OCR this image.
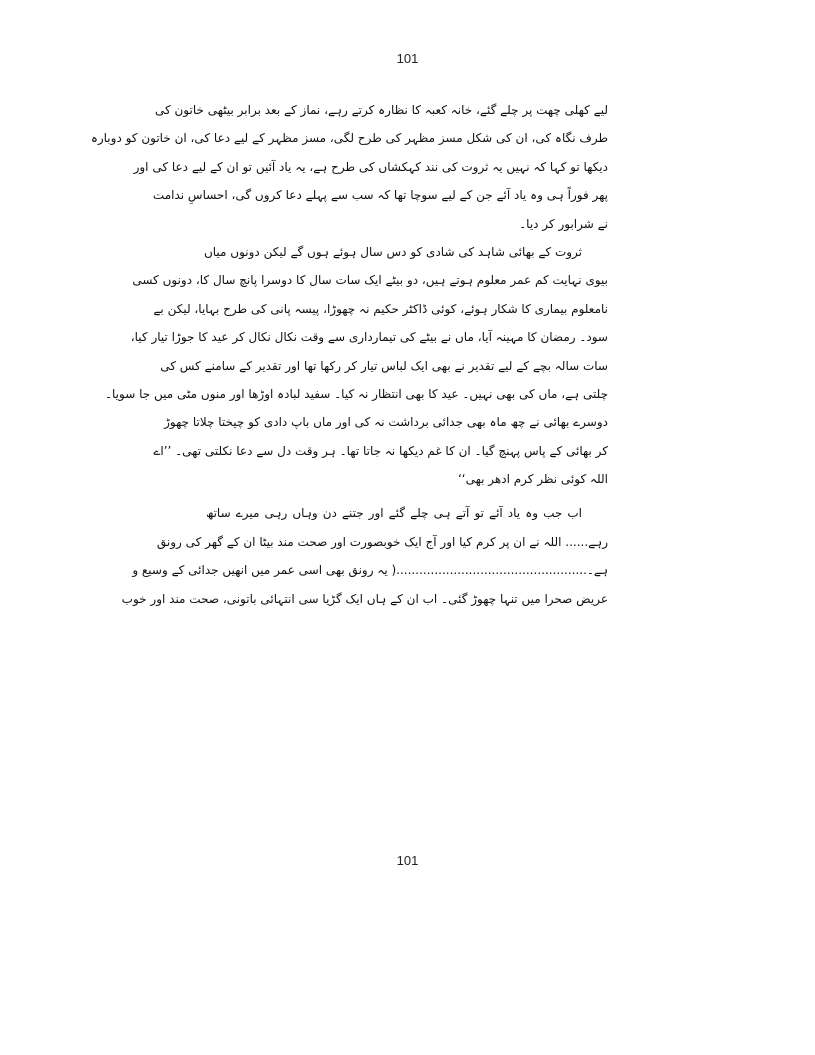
101
لیے کھلی چھت پر چلے گئے، خانہ کعبہ کا نظارہ کرتے رہے، نماز کے بعد برابر بیٹھی خاتون کی
طرف نگاہ کی، ان کی شکل مسز مظہر کی طرح لگی، مسز مظہر کے لیے دعا کی، ان خاتون کو دوبارہ
دیکھا تو کہا کہ نہیں یہ ثروت کی نند کہکشاں کی طرح ہے، یہ یاد آئیں تو ان کے لیے دعا کی اور
پھر فوراً ہی وہ یاد آئے جن کے لیے سوچا تھا کہ سب سے پہلے دعا کروں گی، احساسِ ندامت
نے شرابور کر دیا۔
ثروت کے بھائی شاہد کی شادی کو دس سال ہوئے ہوں گے لیکن دونوں میاں
بیوی نہایت کم عمر معلوم ہوتے ہیں، دو بیٹے ایک سات سال کا دوسرا پانچ سال کا، دونوں کسی
نامعلوم بیماری کا شکار ہوئے، کوئی ڈاکٹر حکیم نہ چھوڑا، پیسہ پانی کی طرح بہایا، لیکن بے
سود۔ رمضان کا مہینہ آیا، ماں نے بیٹے کی تیمارداری سے وقت نکال نکال کر عید کا جوڑا تیار کیا،
سات سالہ بچے کے لیے تقدیر نے بھی ایک لباس تیار کر رکھا تھا اور تقدیر کے سامنے کس کی
چلتی ہے، ماں کی بھی نہیں۔ عید کا بھی انتظار نہ کیا۔ سفید لبادہ اوڑھا اور منوں مٹی میں جا سویا۔
دوسرے بھائی نے چھ ماہ بھی جدائی برداشت نہ کی اور ماں باپ دادی کو چیختا چلاتا چھوڑ
کر بھائی کے پاس پہنچ گیا۔ ان کا غم دیکھا نہ جاتا تھا۔ ہر وقت دل سے دعا نکلتی تھی۔ ’’اے
اللہ کوئی نظر کرم ادھر بھی‘‘
اب جب وہ یاد آئے تو آتے ہی چلے گئے اور جتنے دن وہاں رہی میرے ساتھ
رہے...... اللہ نے ان پر کرم کیا اور آج ایک خوبصورت اور صحت مند بیٹا ان کے گھر کی رونق
ہے۔..................................................( یہ رونق بھی اسی عمر میں انھیں جدائی کے وسیع و
عریض صحرا میں تنہا چھوڑ گئی۔ اب ان کے ہاں ایک گڑیا سی انتہائی باتونی، صحت مند اور خوب
101
